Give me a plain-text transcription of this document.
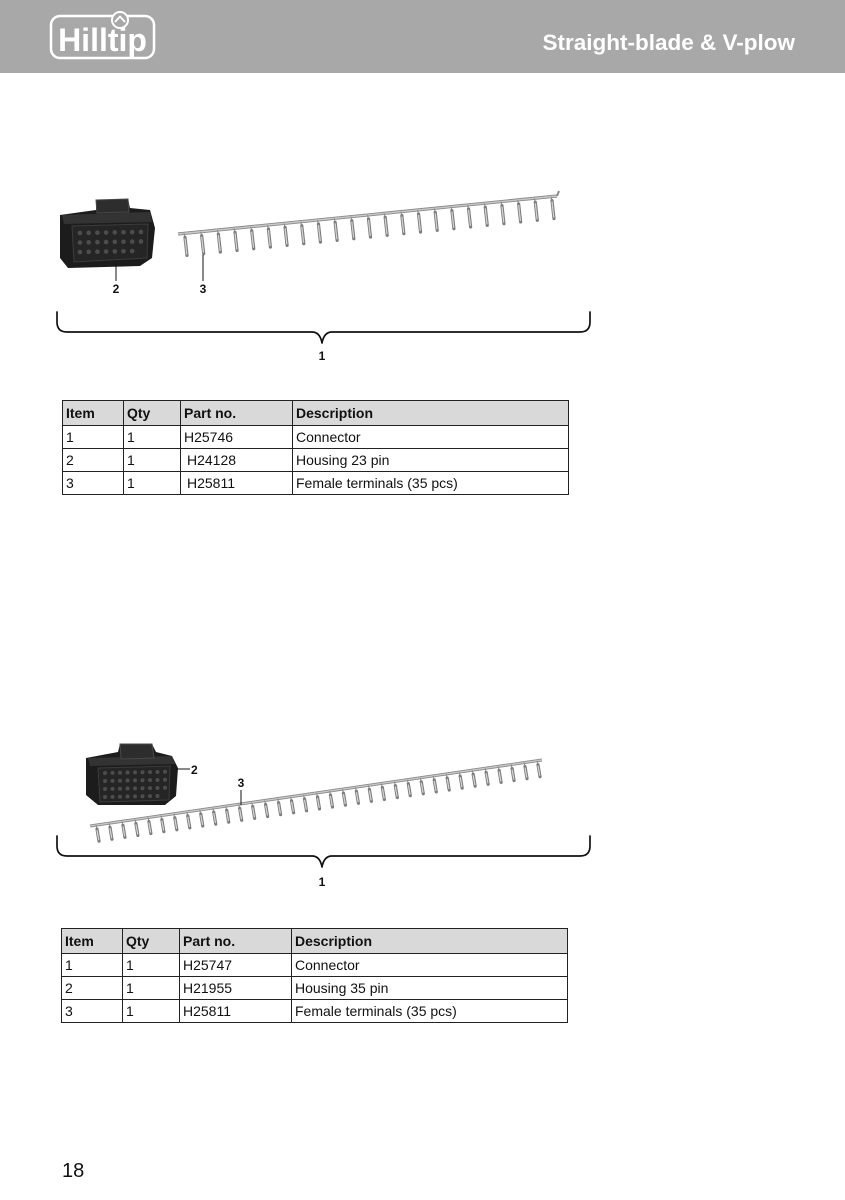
Hilltip	Straight-blade & V-plow
2	3
1
2
3
1
Item	Qty	Part no.	Description
1	1	H25746	Connector
2	1	H24128	Housing 23 pin
3	1	H25811	Female terminals (35 pcs)
Item	Qty	Part no.	Description
1	1	H25747	Connector
2	1	H21955	Housing 35 pin
3	1	H25811	Female terminals (35 pcs)
18
